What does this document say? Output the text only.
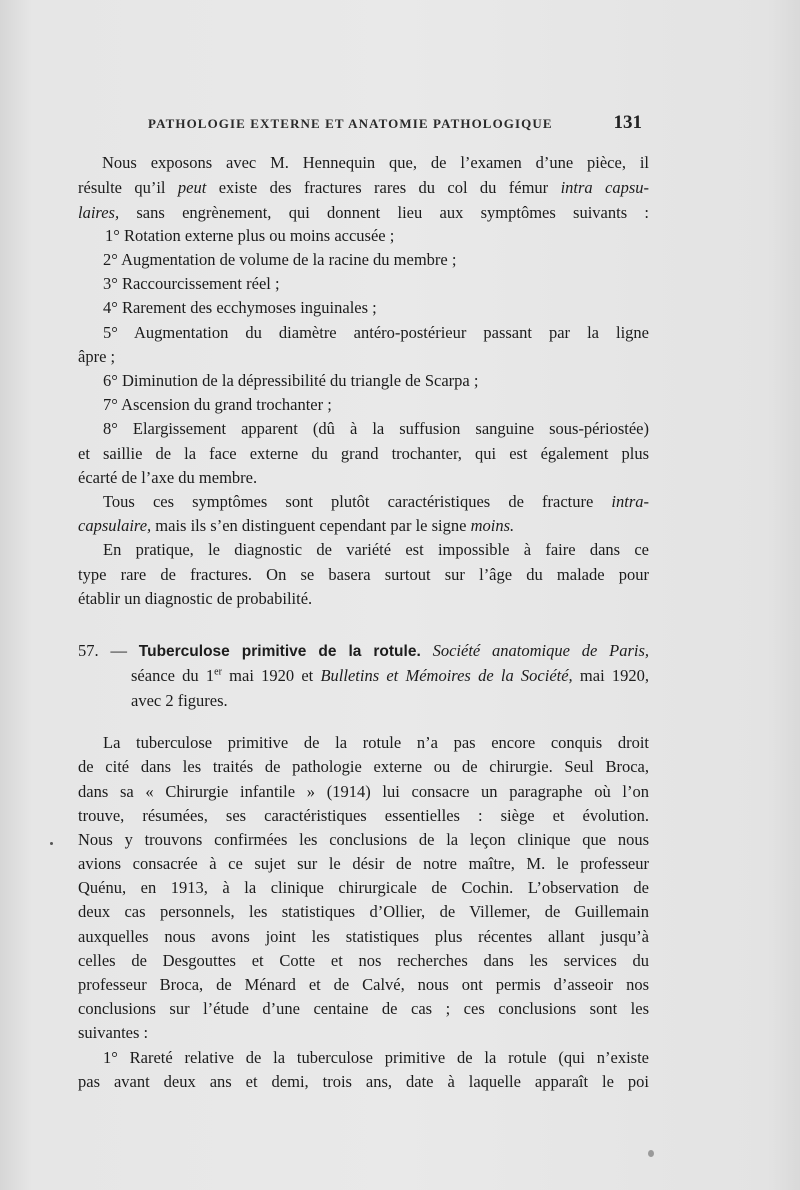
PATHOLOGIE EXTERNE ET ANATOMIE PATHOLOGIQUE	131
Nous exposons avec M. Hennequin que, de l’examen d’une pièce, il
résulte qu’il peut existe des fractures rares du col du fémur intra capsu-
laires, sans engrènement, qui donnent lieu aux symptômes suivants :
1° Rotation externe plus ou moins accusée ;
2° Augmentation de volume de la racine du membre ;
3° Raccourcissement réel ;
4° Rarement des ecchymoses inguinales ;
5° Augmentation du diamètre antéro-postérieur passant par la ligne
âpre ;
6° Diminution de la dépressibilité du triangle de Scarpa ;
7° Ascension du grand trochanter ;
8° Elargissement apparent (dû à la suffusion sanguine sous-périostée)
et saillie de la face externe du grand trochanter, qui est également plus
écarté de l’axe du membre.
Tous ces symptômes sont plutôt caractéristiques de fracture intra-
capsulaire, mais ils s’en distinguent cependant par le signe moins.
En pratique, le diagnostic de variété est impossible à faire dans ce
type rare de fractures. On se basera surtout sur l’âge du malade pour
établir un diagnostic de probabilité.
57. — Tuberculose primitive de la rotule. Société anatomique de Paris,
séance du 1er mai 1920 et Bulletins et Mémoires de la Société, mai 1920,
avec 2 figures.
La tuberculose primitive de la rotule n’a pas encore conquis droit
de cité dans les traités de pathologie externe ou de chirurgie. Seul Broca,
dans sa « Chirurgie infantile » (1914) lui consacre un paragraphe où l’on
trouve, résumées, ses caractéristiques essentielles : siège et évolution.
Nous y trouvons confirmées les conclusions de la leçon clinique que nous
avions consacrée à ce sujet sur le désir de notre maître, M. le professeur
Quénu, en 1913, à la clinique chirurgicale de Cochin. L’observation de
deux cas personnels, les statistiques d’Ollier, de Villemer, de Guillemain
auxquelles nous avons joint les statistiques plus récentes allant jusqu’à
celles de Desgouttes et Cotte et nos recherches dans les services du
professeur Broca, de Ménard et de Calvé, nous ont permis d’asseoir nos
conclusions sur l’étude d’une centaine de cas ; ces conclusions sont les
suivantes :
1° Rareté relative de la tuberculose primitive de la rotule (qui n’existe
pas avant deux ans et demi, trois ans, date à laquelle apparaît le poi
